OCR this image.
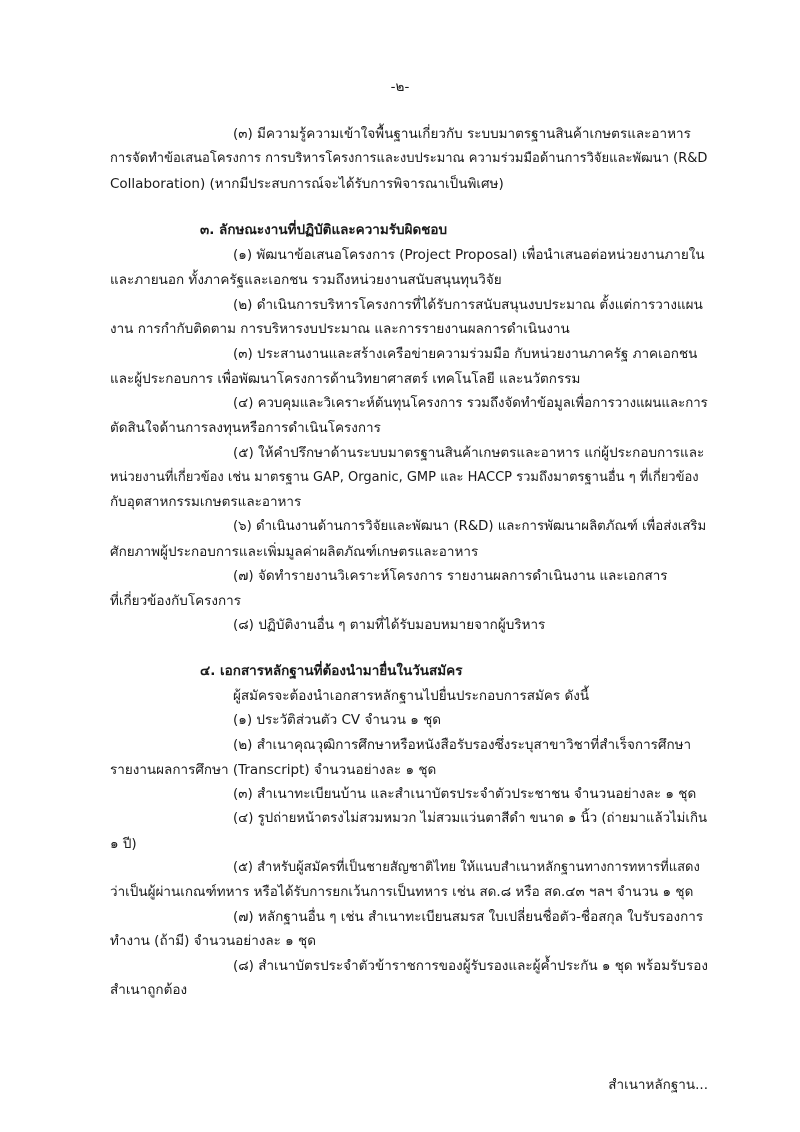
-๒-
(๓) มีความรู้ความเข้าใจพื้นฐานเกี่ยวกับ ระบบมาตรฐานสินค้าเกษตรและอาหาร
การจัดทำข้อเสนอโครงการ การบริหารโครงการและงบประมาณ ความร่วมมือด้านการวิจัยและพัฒนา (R&D
Collaboration) (หากมีประสบการณ์จะได้รับการพิจารณาเป็นพิเศษ)
๓. ลักษณะงานที่ปฏิบัติและความรับผิดชอบ
(๑) พัฒนาข้อเสนอโครงการ (Project Proposal) เพื่อนำเสนอต่อหน่วยงานภายใน
และภายนอก ทั้งภาครัฐและเอกชน รวมถึงหน่วยงานสนับสนุนทุนวิจัย
(๒) ดำเนินการบริหารโครงการที่ได้รับการสนับสนุนงบประมาณ ตั้งแต่การวางแผน
งาน การกำกับติดตาม การบริหารงบประมาณ และการรายงานผลการดำเนินงาน
(๓) ประสานงานและสร้างเครือข่ายความร่วมมือ กับหน่วยงานภาครัฐ ภาคเอกชน
และผู้ประกอบการ เพื่อพัฒนาโครงการด้านวิทยาศาสตร์ เทคโนโลยี และนวัตกรรม
(๔) ควบคุมและวิเคราะห์ต้นทุนโครงการ รวมถึงจัดทำข้อมูลเพื่อการวางแผนและการ
ตัดสินใจด้านการลงทุนหรือการดำเนินโครงการ
(๕) ให้คำปรึกษาด้านระบบมาตรฐานสินค้าเกษตรและอาหาร แก่ผู้ประกอบการและ
หน่วยงานที่เกี่ยวข้อง เช่น มาตรฐาน GAP, Organic, GMP และ HACCP รวมถึงมาตรฐานอื่น ๆ ที่เกี่ยวข้อง
กับอุตสาหกรรมเกษตรและอาหาร
(๖) ดำเนินงานด้านการวิจัยและพัฒนา (R&D) และการพัฒนาผลิตภัณฑ์ เพื่อส่งเสริม
ศักยภาพผู้ประกอบการและเพิ่มมูลค่าผลิตภัณฑ์เกษตรและอาหาร
(๗) จัดทำรายงานวิเคราะห์โครงการ รายงานผลการดำเนินงาน และเอกสาร
ที่เกี่ยวข้องกับโครงการ
(๘) ปฏิบัติงานอื่น ๆ ตามที่ได้รับมอบหมายจากผู้บริหาร
๔. เอกสารหลักฐานที่ต้องนำมายื่นในวันสมัคร
ผู้สมัครจะต้องนำเอกสารหลักฐานไปยื่นประกอบการสมัคร ดังนี้
(๑) ประวัติส่วนตัว CV จำนวน ๑ ชุด
(๒) สำเนาคุณวุฒิการศึกษาหรือหนังสือรับรองซึ่งระบุสาขาวิชาที่สำเร็จการศึกษา
รายงานผลการศึกษา (Transcript) จำนวนอย่างละ ๑ ชุด
(๓) สำเนาทะเบียนบ้าน และสำเนาบัตรประจำตัวประชาชน จำนวนอย่างละ ๑ ชุด
(๔) รูปถ่ายหน้าตรงไม่สวมหมวก ไม่สวมแว่นตาสีดำ ขนาด ๑ นิ้ว (ถ่ายมาแล้วไม่เกิน
๑ ปี)
(๕) สำหรับผู้สมัครที่เป็นชายสัญชาติไทย ให้แนบสำเนาหลักฐานทางการทหารที่แสดง
ว่าเป็นผู้ผ่านเกณฑ์ทหาร หรือได้รับการยกเว้นการเป็นทหาร เช่น สด.๘ หรือ สด.๔๓ ฯลฯ จำนวน ๑ ชุด
(๗) หลักฐานอื่น ๆ เช่น สำเนาทะเบียนสมรส ใบเปลี่ยนชื่อตัว-ชื่อสกุล ใบรับรองการ
ทำงาน (ถ้ามี) จำนวนอย่างละ ๑ ชุด
(๘) สำเนาบัตรประจำตัวข้าราชการของผู้รับรองและผู้ค้ำประกัน ๑ ชุด พร้อมรับรอง
สำเนาถูกต้อง
สำเนาหลักฐาน...
